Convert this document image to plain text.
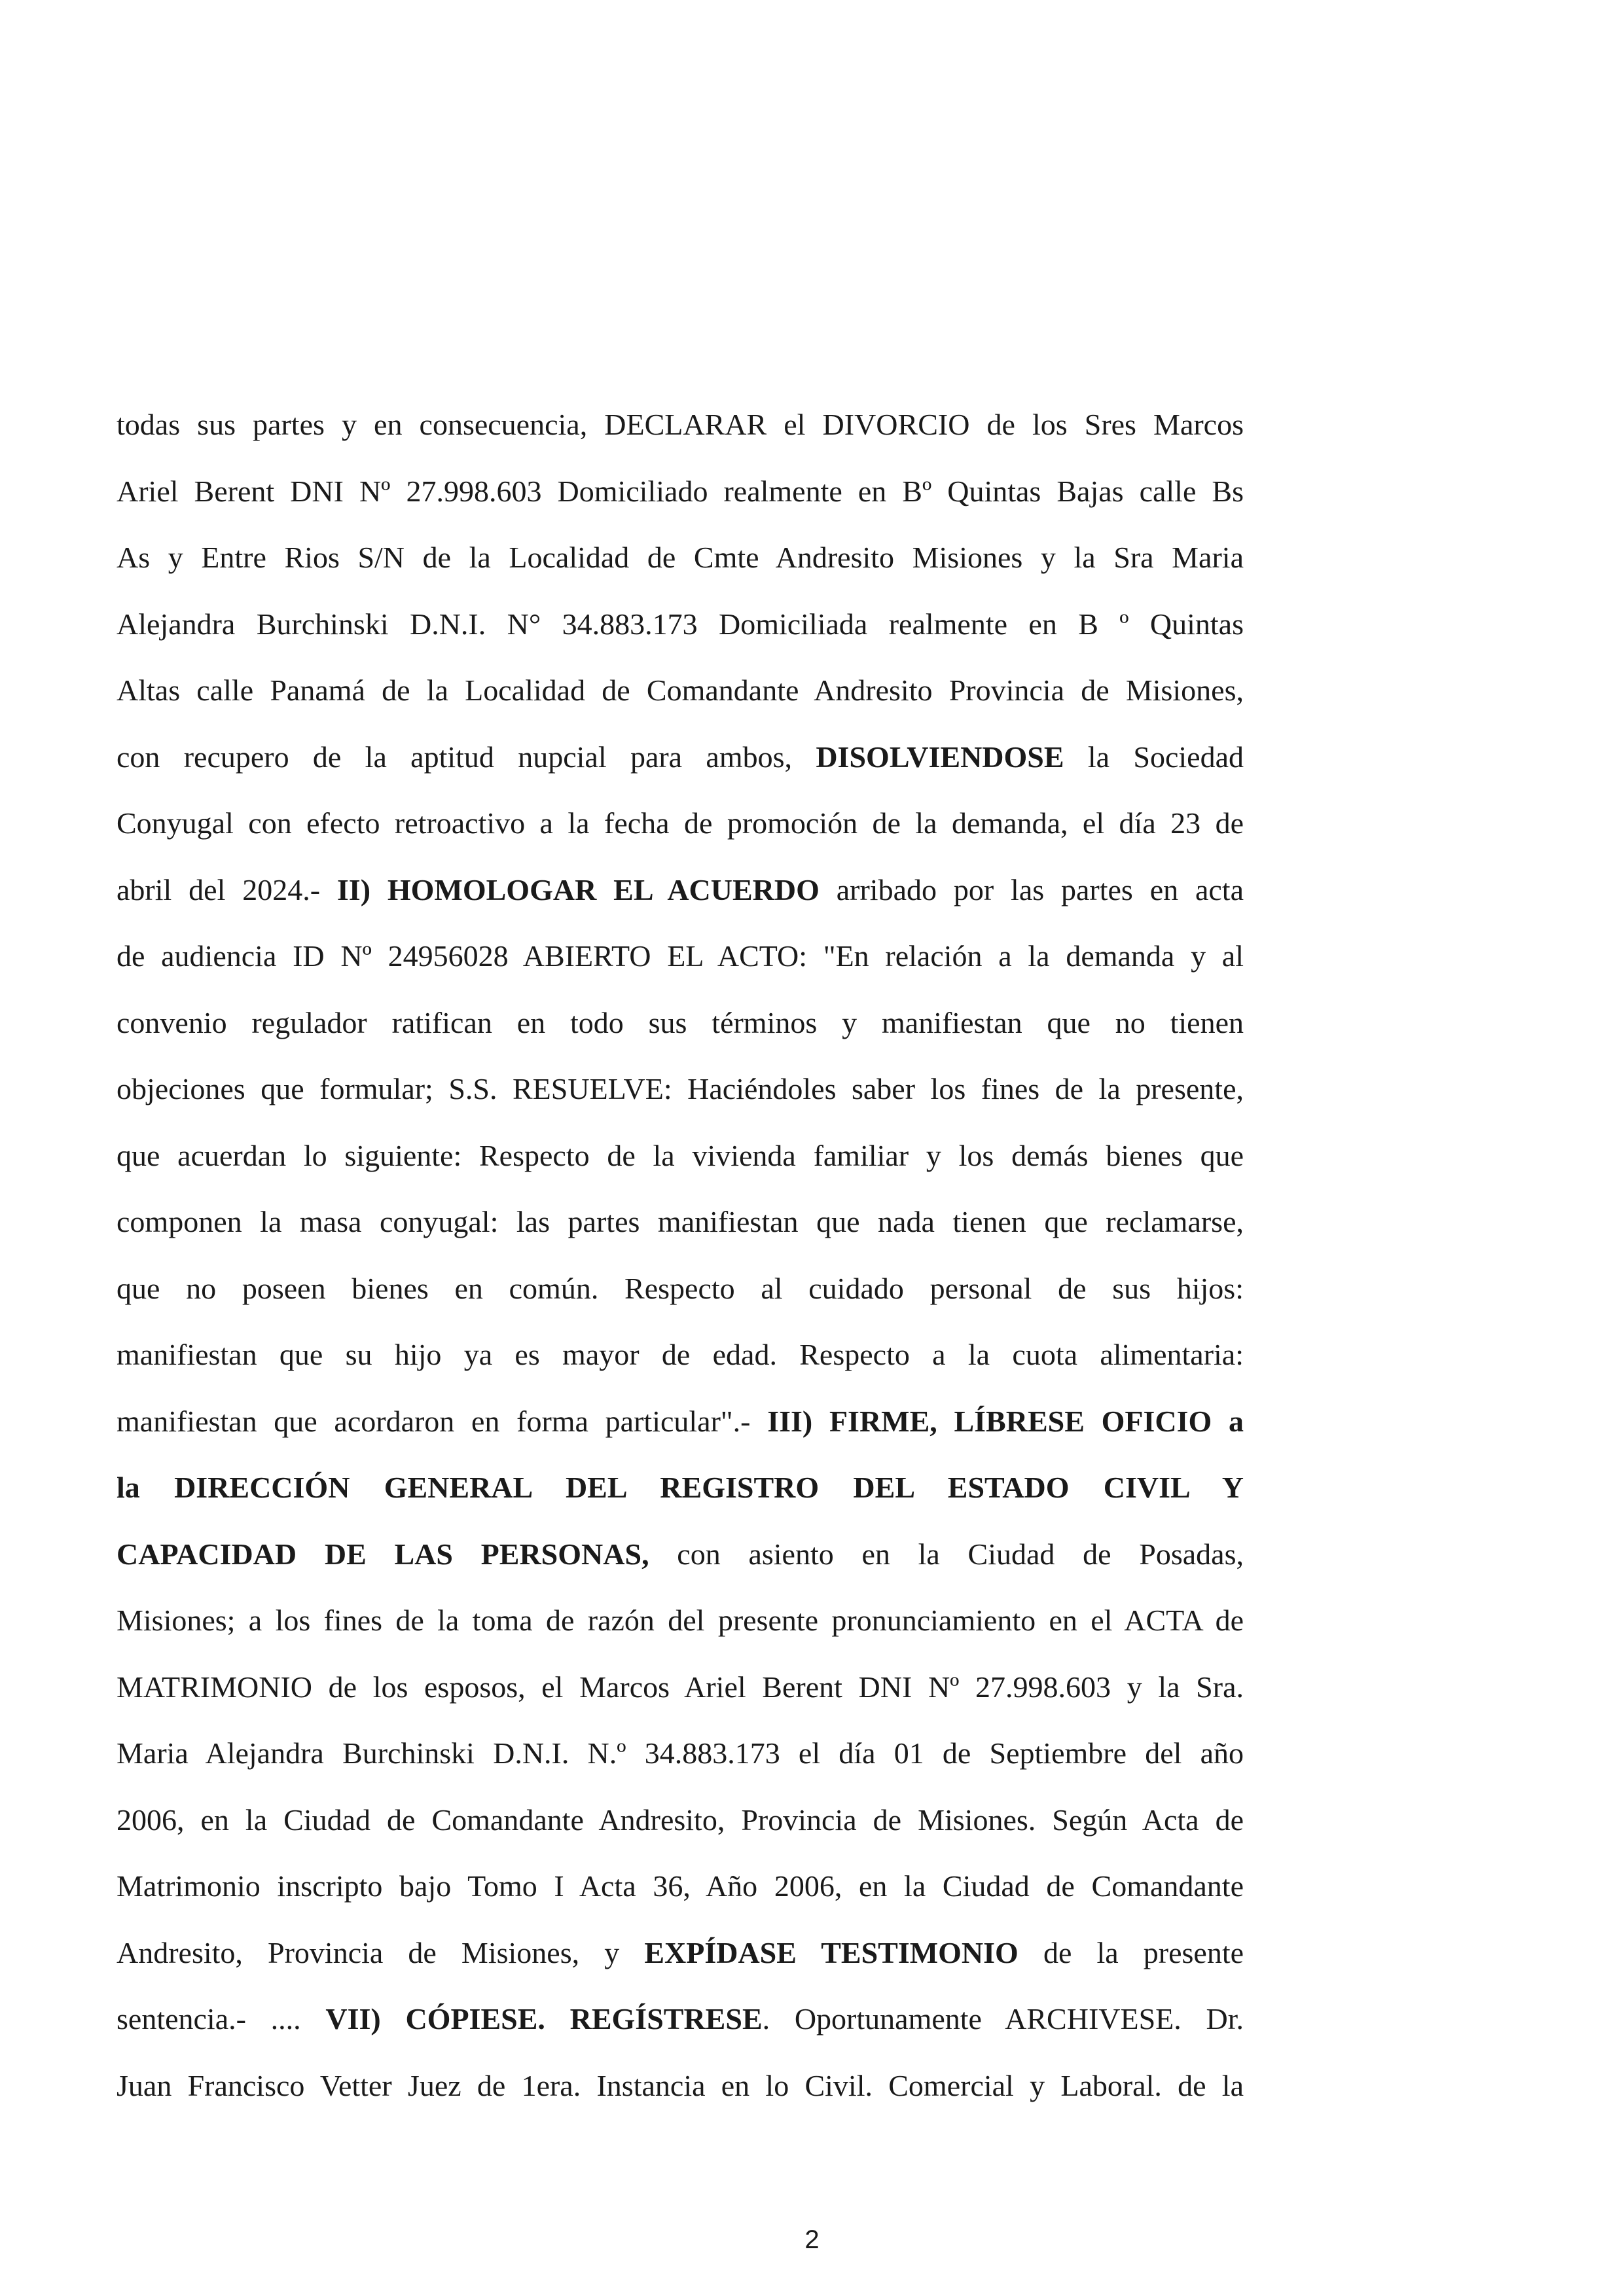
todas sus partes y en consecuencia, DECLARAR el DIVORCIO de los Sres Marcos
Ariel Berent DNI Nº 27.998.603 Domiciliado realmente en Bº Quintas Bajas calle Bs
As y Entre Rios S/N de la Localidad de Cmte Andresito Misiones y la Sra Maria
Alejandra Burchinski D.N.I. N° 34.883.173 Domiciliada realmente en B º Quintas
Altas calle Panamá de la Localidad de Comandante Andresito Provincia de Misiones,
con recupero de la aptitud nupcial para ambos, DISOLVIENDOSE la Sociedad
Conyugal con efecto retroactivo a la fecha de promoción de la demanda, el día 23 de
abril del 2024.- II) HOMOLOGAR EL ACUERDO arribado por las partes en acta
de audiencia ID Nº 24956028 ABIERTO EL ACTO: "En relación a la demanda y al
convenio regulador ratifican en todo sus términos y manifiestan que no tienen
objeciones que formular; S.S. RESUELVE: Haciéndoles saber los fines de la presente,
que acuerdan lo siguiente: Respecto de la vivienda familiar y los demás bienes que
componen la masa conyugal: las partes manifiestan que nada tienen que reclamarse,
que no poseen bienes en común. Respecto al cuidado personal de sus hijos:
manifiestan que su hijo ya es mayor de edad. Respecto a la cuota alimentaria:
manifiestan que acordaron en forma particular".- III) FIRME, LÍBRESE OFICIO a
la DIRECCIÓN GENERAL DEL REGISTRO DEL ESTADO CIVIL Y
CAPACIDAD DE LAS PERSONAS, con asiento en la Ciudad de Posadas,
Misiones; a los fines de la toma de razón del presente pronunciamiento en el ACTA de
MATRIMONIO de los esposos, el Marcos Ariel Berent DNI Nº 27.998.603 y la Sra.
Maria Alejandra Burchinski D.N.I. N.º 34.883.173 el día 01 de Septiembre del año
2006, en la Ciudad de Comandante Andresito, Provincia de Misiones. Según Acta de
Matrimonio inscripto bajo Tomo I Acta 36, Año 2006, en la Ciudad de Comandante
Andresito, Provincia de Misiones, y EXPÍDASE TESTIMONIO de la presente
sentencia.- .... VII) CÓPIESE. REGÍSTRESE. Oportunamente ARCHIVESE. Dr.
Juan Francisco Vetter Juez de 1era. Instancia en lo Civil. Comercial y Laboral. de la
2
